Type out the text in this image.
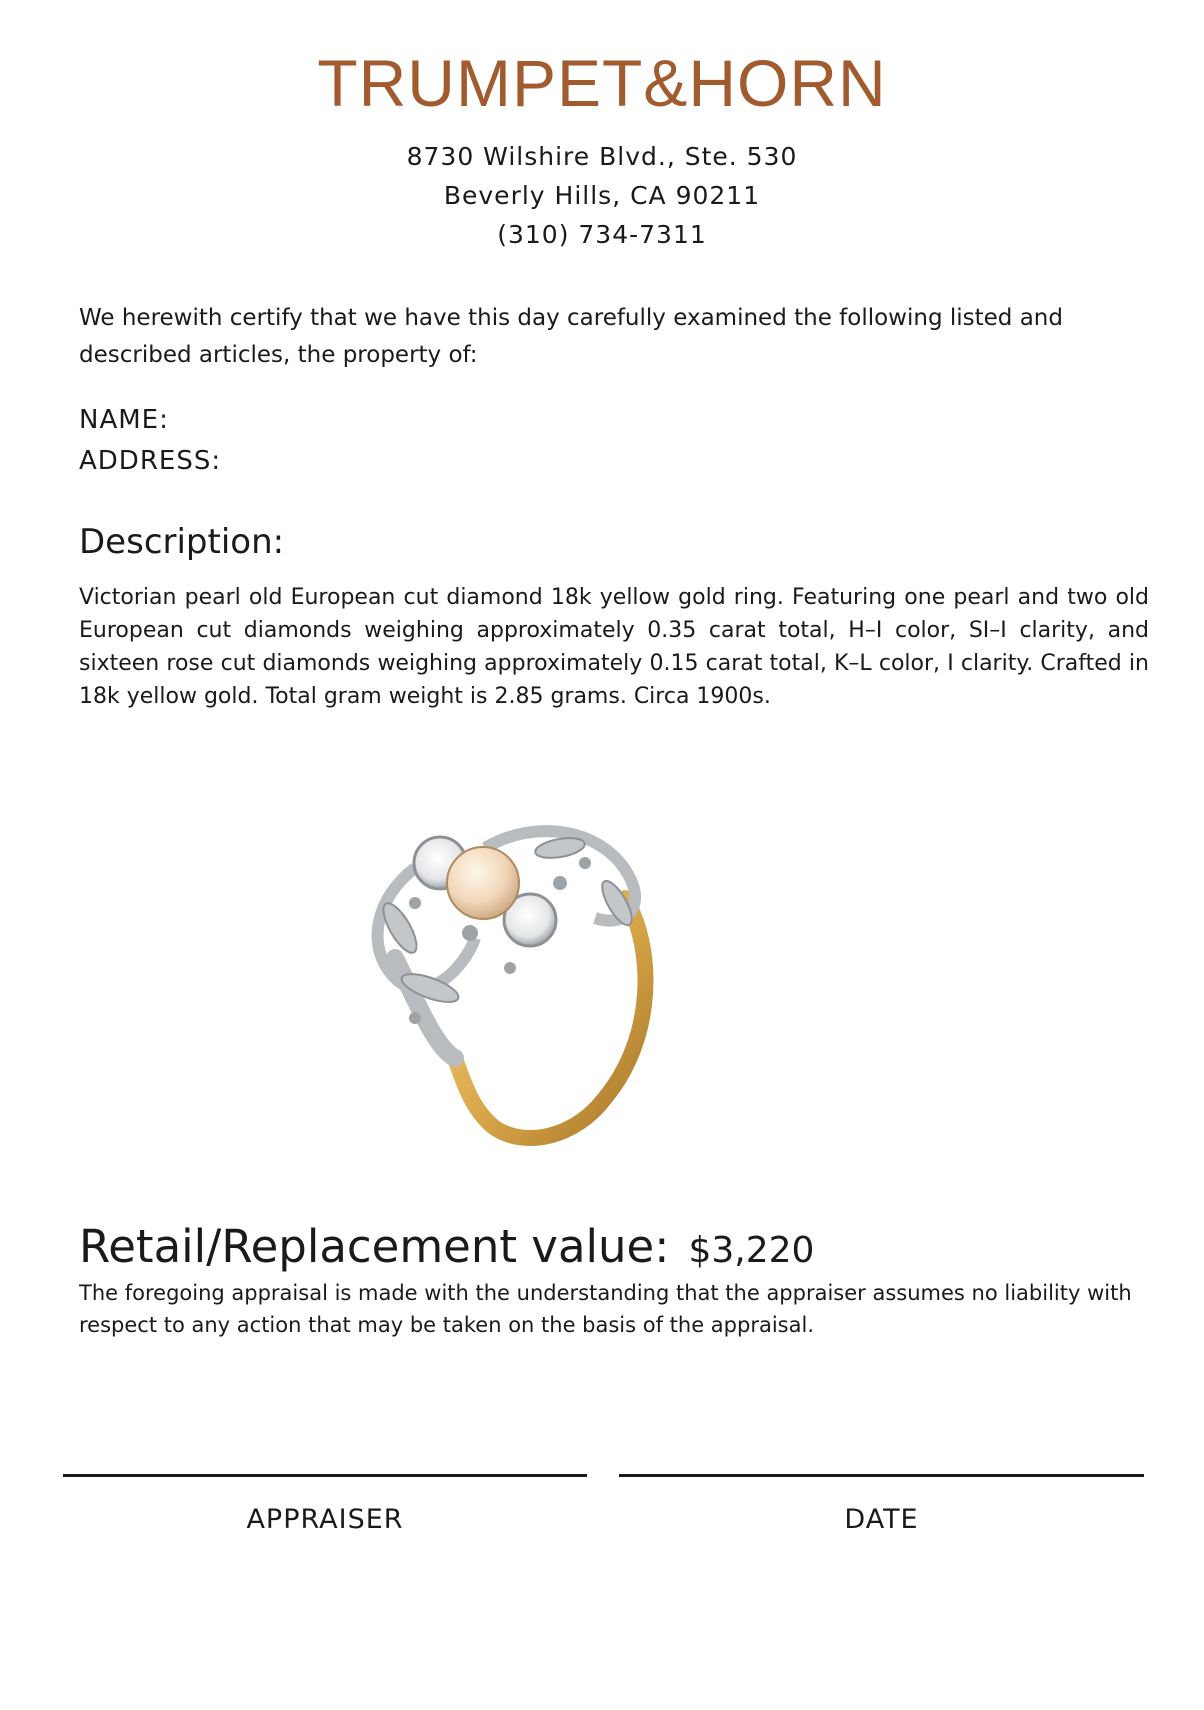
TRUMPET&HORN
8730 Wilshire Blvd., Ste. 530
Beverly Hills, CA 90211
(310) 734-7311
We herewith certify that we have this day carefully examined the following listed and described articles, the property of:
NAME:
ADDRESS:
Description:
Victorian pearl old European cut diamond 18k yellow gold ring. Featuring one pearl and two old European cut diamonds weighing approximately 0.35 carat total, H–I color, SI–I clarity, and sixteen rose cut diamonds weighing approximately 0.15 carat total, K–L color, I clarity. Crafted in 18k yellow gold. Total gram weight is 2.85 grams. Circa 1900s.
Retail/Replacement value: $3,220
The foregoing appraisal is made with the understanding that the appraiser assumes no liability with respect to any action that may be taken on the basis of the appraisal.
APPRAISER	DATE
